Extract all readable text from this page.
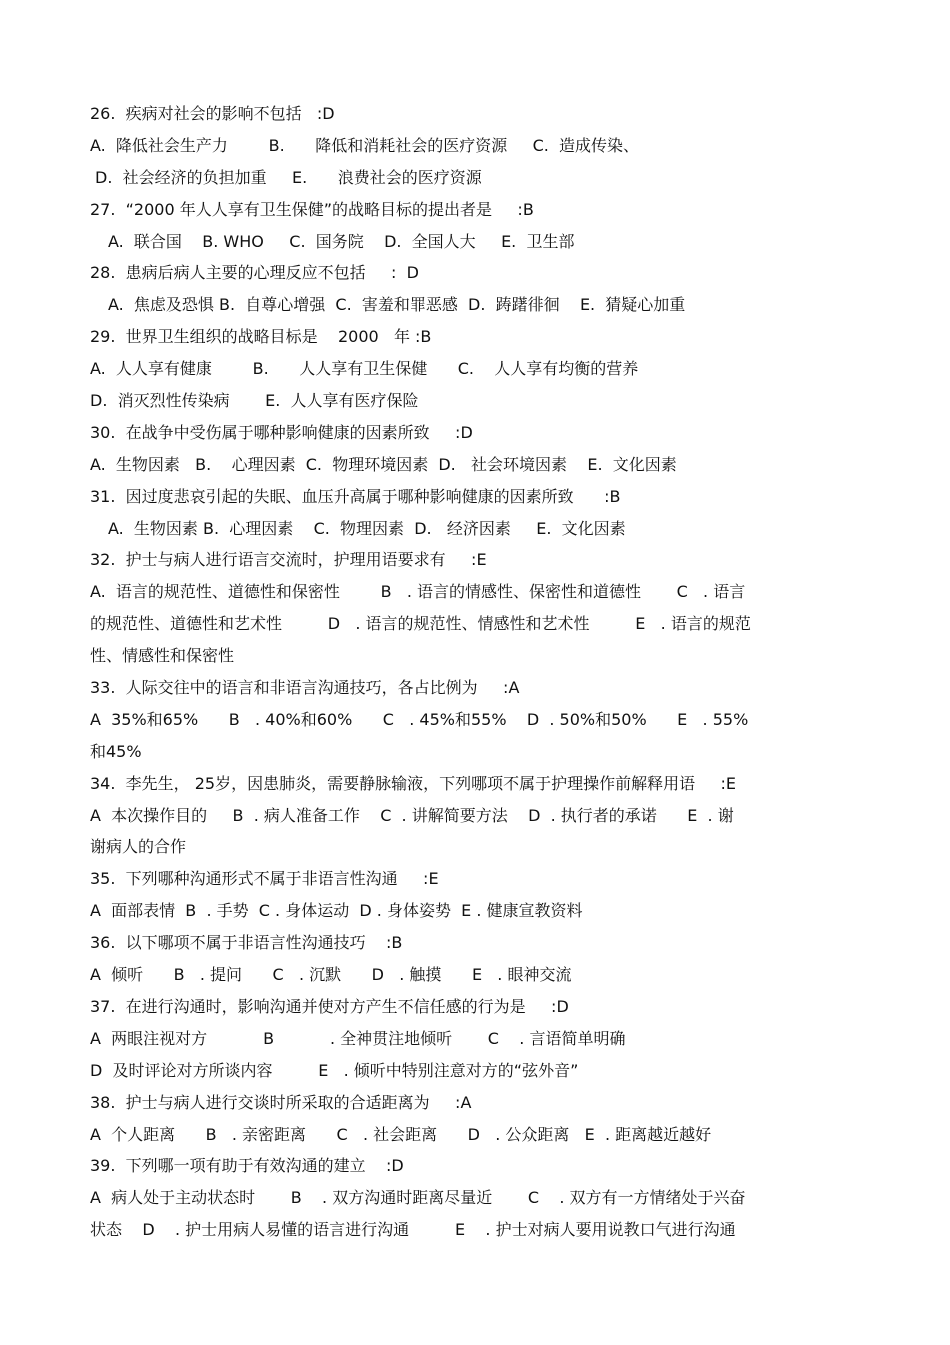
26.  疾病对社会的影响不包括   :D
A.  降低社会生产力        B.      降低和消耗社会的医疗资源     C.  造成传染、
D.  社会经济的负担加重     E.      浪费社会的医疗资源
27.  “2000 年人人享有卫生保健”的战略目标的提出者是     :B
A.  联合国    B. WHO     C.  国务院    D.  全国人大     E.  卫生部
28.  患病后病人主要的心理反应不包括     :  D
A.  焦虑及恐惧 B.  自尊心增强  C.  害羞和罪恶感  D.  踌躇徘徊    E.  猜疑心加重
29.  世界卫生组织的战略目标是    2000   年 :B
A.  人人享有健康        B.      人人享有卫生保健      C.    人人享有均衡的营养
D.  消灭烈性传染病       E.  人人享有医疗保险
30.  在战争中受伤属于哪种影响健康的因素所致     :D
A.  生物因素   B.    心理因素  C.  物理环境因素  D.   社会环境因素    E.  文化因素
31.  因过度悲哀引起的失眠、血压升高属于哪种影响健康的因素所致      :B
A.  生物因素 B.  心理因素    C.  物理因素  D.   经济因素     E.  文化因素
32.  护士与病人进行语言交流时，护理用语要求有     :E
A.  语言的规范性、道德性和保密性        B   . 语言的情感性、保密性和道德性       C   . 语言
的规范性、道德性和艺术性         D   . 语言的规范性、情感性和艺术性         E   . 语言的规范
性、情感性和保密性
33.  人际交往中的语言和非语言沟通技巧，各占比例为     :A
A  35%和65%      B   . 40%和60%      C   . 45%和55%    D  . 50%和50%      E   . 55%
和45%
34.  李先生， 25岁，因患肺炎，需要静脉输液，下列哪项不属于护理操作前解释用语     :E
A  本次操作目的     B  . 病人准备工作    C  . 讲解简要方法    D  . 执行者的承诺      E  . 谢
谢病人的合作
35.  下列哪种沟通形式不属于非语言性沟通     :E
A  面部表情  B  . 手势  C . 身体运动  D . 身体姿势  E . 健康宣教资料
36.  以下哪项不属于非语言性沟通技巧    :B
A  倾听      B   . 提问      C   . 沉默      D   . 触摸      E   . 眼神交流
37.  在进行沟通时，影响沟通并使对方产生不信任感的行为是     :D
A  两眼注视对方           B           . 全神贯注地倾听       C    . 言语简单明确
D  及时评论对方所谈内容         E   . 倾听中特别注意对方的“弦外音”
38.  护士与病人进行交谈时所采取的合适距离为     :A
A  个人距离      B   . 亲密距离      C   . 社会距离      D   . 公众距离   E  . 距离越近越好
39.  下列哪一项有助于有效沟通的建立    :D
A  病人处于主动状态时       B    . 双方沟通时距离尽量近       C    . 双方有一方情绪处于兴奋
状态    D    . 护士用病人易懂的语言进行沟通         E    . 护士对病人要用说教口气进行沟通
